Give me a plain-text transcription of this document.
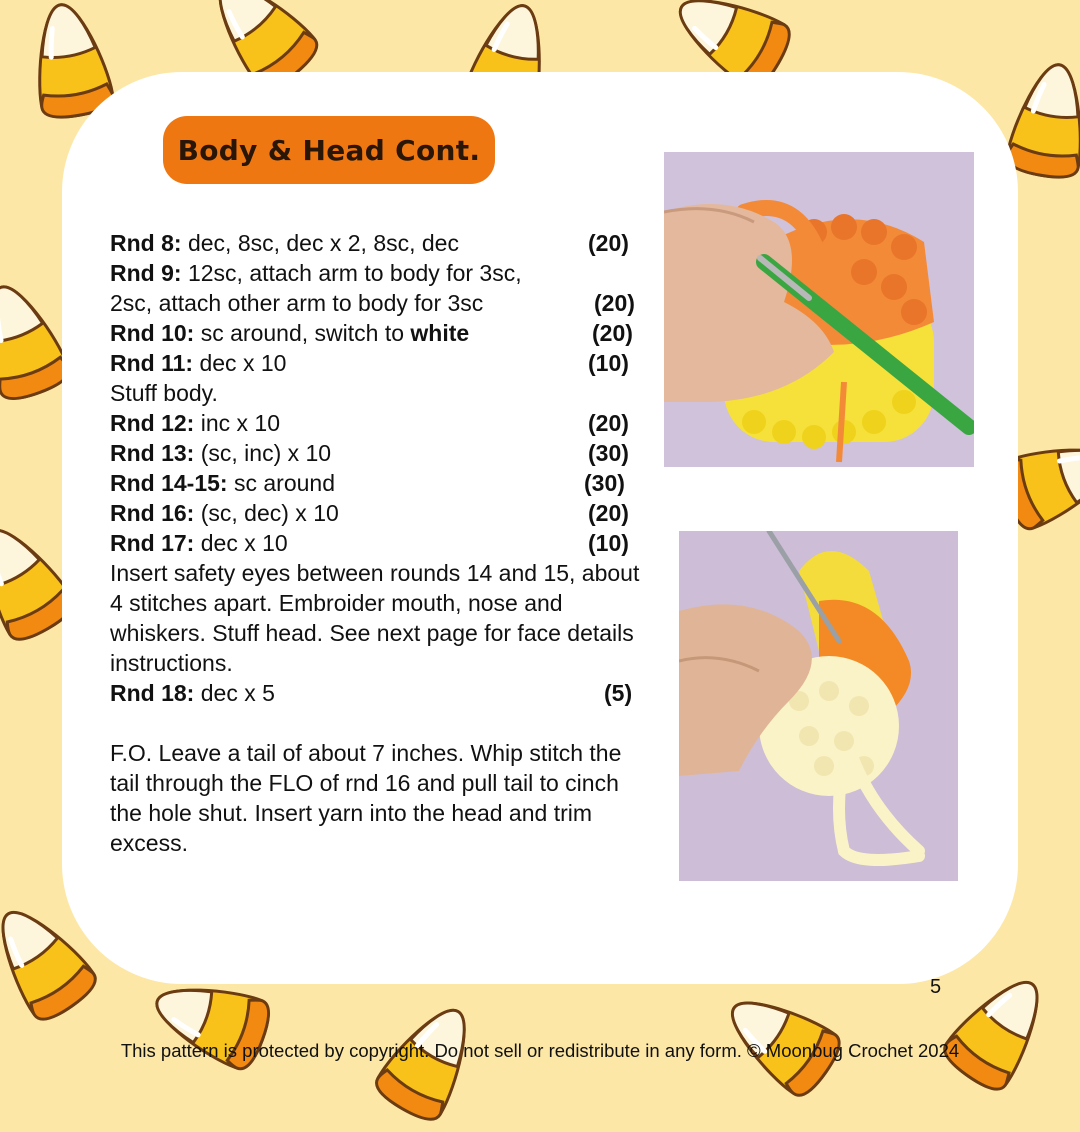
Body & Head Cont.
Rnd 8: dec, 8sc, dec x 2, 8sc, dec	(20)
Rnd 9: 12sc, attach arm to body for 3sc,
2sc, attach other arm to body for 3sc	(20)
Rnd 10: sc around, switch to white	(20)
Rnd 11: dec x 10	(10)
Stuff body.
Rnd 12: inc x 10	(20)
Rnd 13: (sc, inc) x 10	(30)
Rnd 14-15: sc around	(30)
Rnd 16: (sc, dec) x 10	(20)
Rnd 17: dec x 10	(10)
Insert safety eyes between rounds 14 and 15, about 4 stitches apart. Embroider mouth, nose and whiskers. Stuff head. See next page for face details instructions.
Rnd 18: dec x 5	(5)
F.O. Leave a tail of about 7 inches. Whip stitch the tail through the FLO of rnd 16 and pull tail to cinch the hole shut. Insert yarn into the head and trim excess.
5
This pattern is protected by copyright. Do not sell or redistribute in any form. © Moonbug Crochet 2024
